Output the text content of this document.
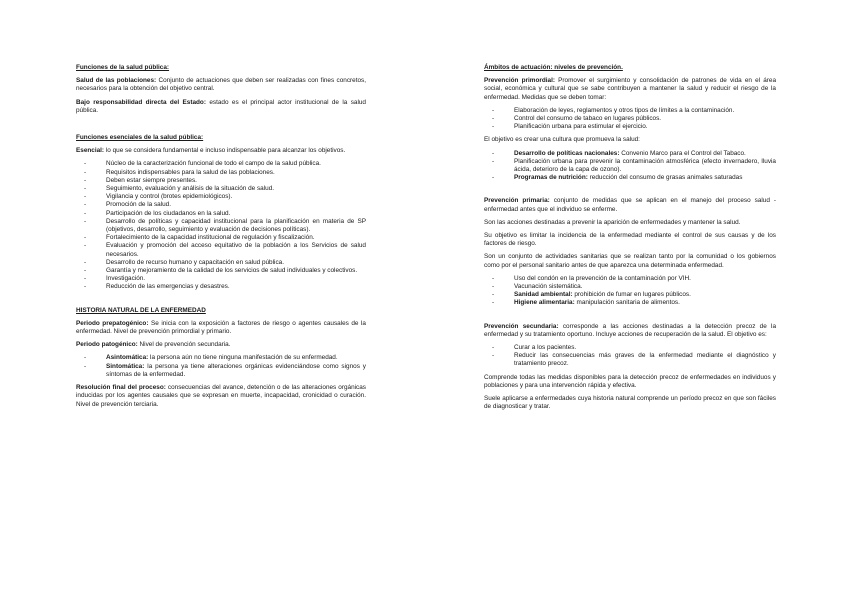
Funciones de la salud pública:

Salud de las poblaciones: Conjunto de actuaciones que deben ser realizadas con fines concretos, necesarios para la obtención del objetivo central.

Bajo responsabilidad directa del Estado: estado es el principal actor institucional de la salud pública.

Funciones esenciales de la salud pública:

Esencial: lo que se considera fundamental e incluso indispensable para alcanzar los objetivos.

- Núcleo de la caracterización funcional de todo el campo de la salud pública.
- Requisitos indispensables para la salud de las poblaciones.
- Deben estar siempre presentes.
- Seguimiento, evaluación y análisis de la situación de salud.
- Vigilancia y control (brotes epidemiológicos).
- Promoción de la salud.
- Participación de los ciudadanos en la salud.
- Desarrollo de políticas y capacidad institucional para la planificación en materia de SP (objetivos, desarrollo, seguimiento y evaluación de decisiones políticas).
- Fortalecimiento de la capacidad institucional de regulación y fiscalización.
- Evaluación y promoción del acceso equitativo de la población a los Servicios de salud necesarios.
- Desarrollo de recurso humano y capacitación en salud pública.
- Garantía y mejoramiento de la calidad de los servicios de salud individuales y colectivos.
- Investigación.
- Reducción de las emergencias y desastres.
HISTORIA NATURAL DE LA ENFERMEDAD

Periodo prepatogénico: Se inicia con la exposición a factores de riesgo o agentes causales de la enfermedad. Nivel de prevención primordial y primario.

Periodo patogénico: Nivel de prevención secundaria.

- Asintomática: la persona aún no tiene ninguna manifestación de su enfermedad.
- Sintomática: la persona ya tiene alteraciones orgánicas evidenciándose como signos y síntomas de la enfermedad.

Resolución final del proceso: consecuencias del avance, detención o de las alteraciones orgánicas inducidas por los agentes causales que se expresan en muerte, incapacidad, cronicidad o curación. Nivel de prevención terciaria.

Ámbitos de actuación: niveles de prevención.

Prevención primordial: Promover el surgimiento y consolidación de patrones de vida en el área social, económica y cultural que se sabe contribuyen a mantener la salud y reducir el riesgo de la enfermedad. Medidas que se deben tomar:

- Elaboración de leyes, reglamentos y otros tipos de límites a la contaminación.
- Control del consumo de tabaco en lugares públicos.
- Planificación urbana para estimular el ejercicio.

El objetivo es crear una cultura que promueva la salud:

- Desarrollo de políticas nacionales: Convenio Marco para el Control del Tabaco.
- Planificación urbana para prevenir la contaminación atmosférica (efecto invernadero, lluvia ácida, deterioro de la capa de ozono).
- Programas de nutrición: reducción del consumo de grasas animales saturadas

Prevención primaria: conjunto de medidas que se aplican en el manejo del proceso salud - enfermedad antes que el individuo se enferme.

Son las acciones destinadas a prevenir la aparición de enfermedades y mantener la salud.

Su objetivo es limitar la incidencia de la enfermedad mediante el control de sus causas y de los factores de riesgo.

Son un conjunto de actividades sanitarias que se realizan tanto por la comunidad o los gobiernos como por el personal sanitario antes de que aparezca una determinada enfermedad.

- Uso del condón en la prevención de la contaminación por VIH.
- Vacunación sistemática.
- Sanidad ambiental: prohibición de fumar en lugares públicos.
- Higiene alimentaria: manipulación sanitaria de alimentos.

Prevención secundaria: corresponde a las acciones destinadas a la detección precoz de la enfermedad y su tratamiento oportuno. Incluye acciones de recuperación de la salud. El objetivo es:

- Curar a los pacientes.
- Reducir las consecuencias más graves de la enfermedad mediante el diagnóstico y tratamiento precoz.

Comprende todas las medidas disponibles para la detección precoz de enfermedades en individuos y poblaciones y para una intervención rápida y efectiva.

Suele aplicarse a enfermedades cuya historia natural comprende un período precoz en que son fáciles de diagnosticar y tratar.
